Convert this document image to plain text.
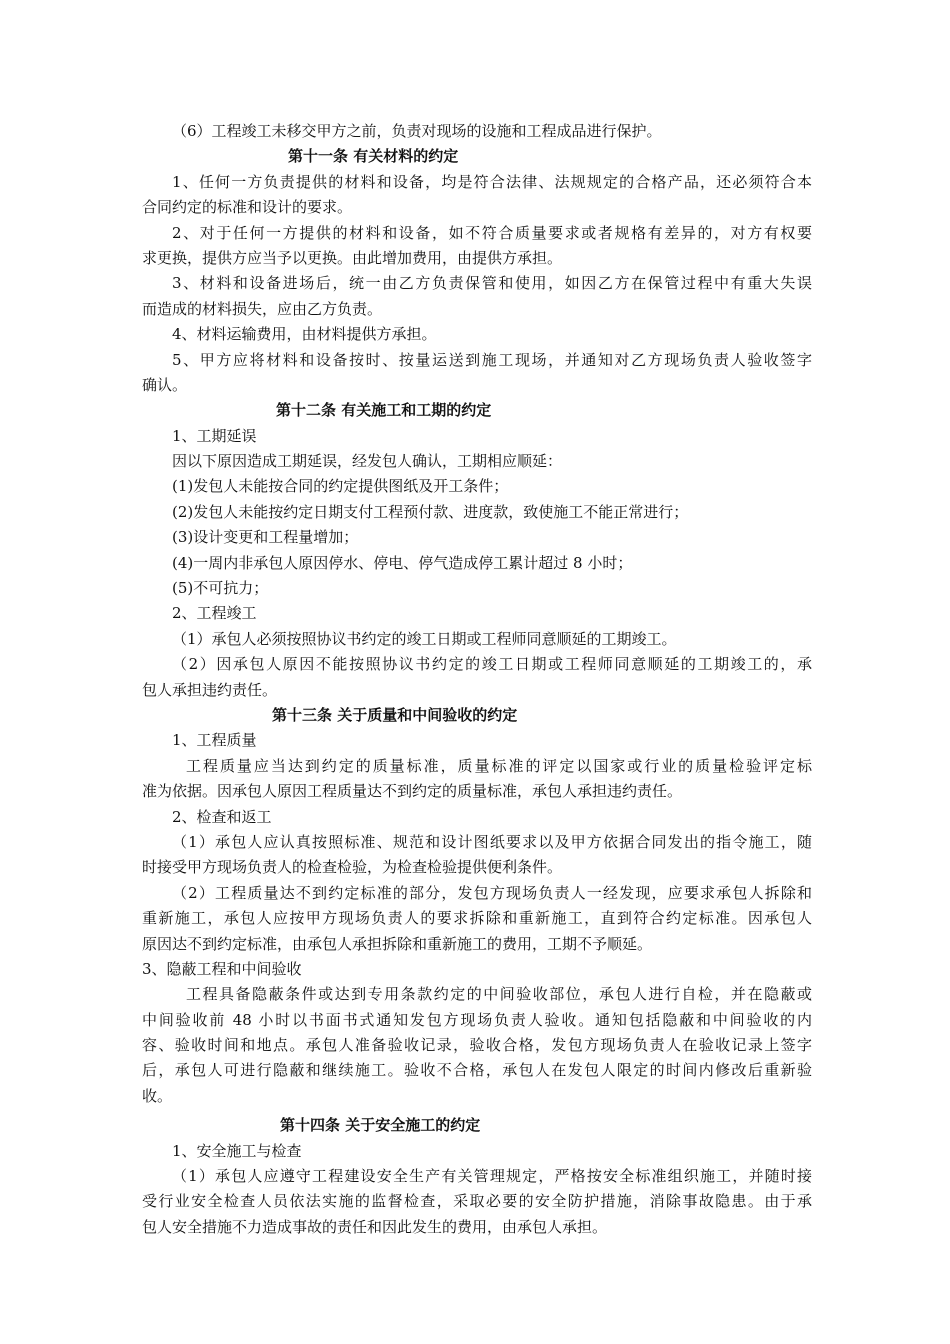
（6）工程竣工未移交甲方之前，负责对现场的设施和工程成品进行保护。
第十一条 有关材料的约定
1、任何一方负责提供的材料和设备，均是符合法律、法规规定的合格产品，还必须符合本
合同约定的标准和设计的要求。
2、对于任何一方提供的材料和设备，如不符合质量要求或者规格有差异的，对方有权要
求更换，提供方应当予以更换。由此增加费用，由提供方承担。
3、材料和设备进场后，统一由乙方负责保管和使用，如因乙方在保管过程中有重大失误
而造成的材料损失，应由乙方负责。
4、材料运输费用，由材料提供方承担。
5、甲方应将材料和设备按时、按量运送到施工现场，并通知对乙方现场负责人验收签字
确认。
第十二条 有关施工和工期的约定
1、工期延误
因以下原因造成工期延误，经发包人确认，工期相应顺延：
(1)发包人未能按合同的约定提供图纸及开工条件；
(2)发包人未能按约定日期支付工程预付款、进度款，致使施工不能正常进行；
(3)设计变更和工程量增加；
(4)一周内非承包人原因停水、停电、停气造成停工累计超过 8 小时；
(5)不可抗力；
2、工程竣工
（1）承包人必须按照协议书约定的竣工日期或工程师同意顺延的工期竣工。
（2）因承包人原因不能按照协议书约定的竣工日期或工程师同意顺延的工期竣工的，承
包人承担违约责任。
第十三条 关于质量和中间验收的约定
1、工程质量
工程质量应当达到约定的质量标准，质量标准的评定以国家或行业的质量检验评定标
准为依据。因承包人原因工程质量达不到约定的质量标准，承包人承担违约责任。
2、检查和返工
（1）承包人应认真按照标准、规范和设计图纸要求以及甲方依据合同发出的指令施工，随
时接受甲方现场负责人的检查检验，为检查检验提供便利条件。
（2）工程质量达不到约定标准的部分，发包方现场负责人一经发现，应要求承包人拆除和
重新施工，承包人应按甲方现场负责人的要求拆除和重新施工，直到符合约定标准。因承包人
原因达不到约定标准，由承包人承担拆除和重新施工的费用，工期不予顺延。
3、隐蔽工程和中间验收
工程具备隐蔽条件或达到专用条款约定的中间验收部位，承包人进行自检，并在隐蔽或
中间验收前 48 小时以书面书式通知发包方现场负责人验收。通知包括隐蔽和中间验收的内
容、验收时间和地点。承包人准备验收记录，验收合格，发包方现场负责人在验收记录上签字
后，承包人可进行隐蔽和继续施工。验收不合格，承包人在发包人限定的时间内修改后重新验
收。
第十四条 关于安全施工的约定
1、安全施工与检查
（1）承包人应遵守工程建设安全生产有关管理规定，严格按安全标准组织施工，并随时接
受行业安全检查人员依法实施的监督检查，采取必要的安全防护措施，消除事故隐患。由于承
包人安全措施不力造成事故的责任和因此发生的费用，由承包人承担。
